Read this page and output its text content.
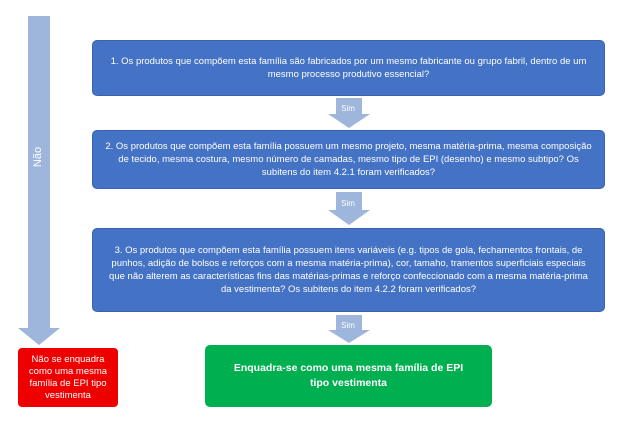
Não
1. Os produtos que compõem esta família são fabricados por um mesmo fabricante ou grupo fabril, dentro de um mesmo processo produtivo essencial?
Sim
2. Os produtos que compõem esta família possuem um mesmo projeto, mesma matéria-prima, mesma composição de tecido, mesma costura, mesmo número de camadas, mesmo tipo de EPI (desenho) e mesmo subtipo? Os subitens do item 4.2.1 foram verificados?
Sim
3. Os produtos que compõem esta família possuem itens variáveis (e.g. tipos de gola, fechamentos frontais, de punhos, adição de bolsos e reforços com a mesma matéria-prima), cor, tamaho, tramentos superficiais especiais que não alterem as características fins das matérias-primas e reforço confeccionado com a mesma matéria-prima da vestimenta? Os subitens do item 4.2.2 foram verificados?
Sim
Não se enquadra como uma mesma família de EPI tipo vestimenta
Enquadra-se como uma mesma família de EPI tipo vestimenta
